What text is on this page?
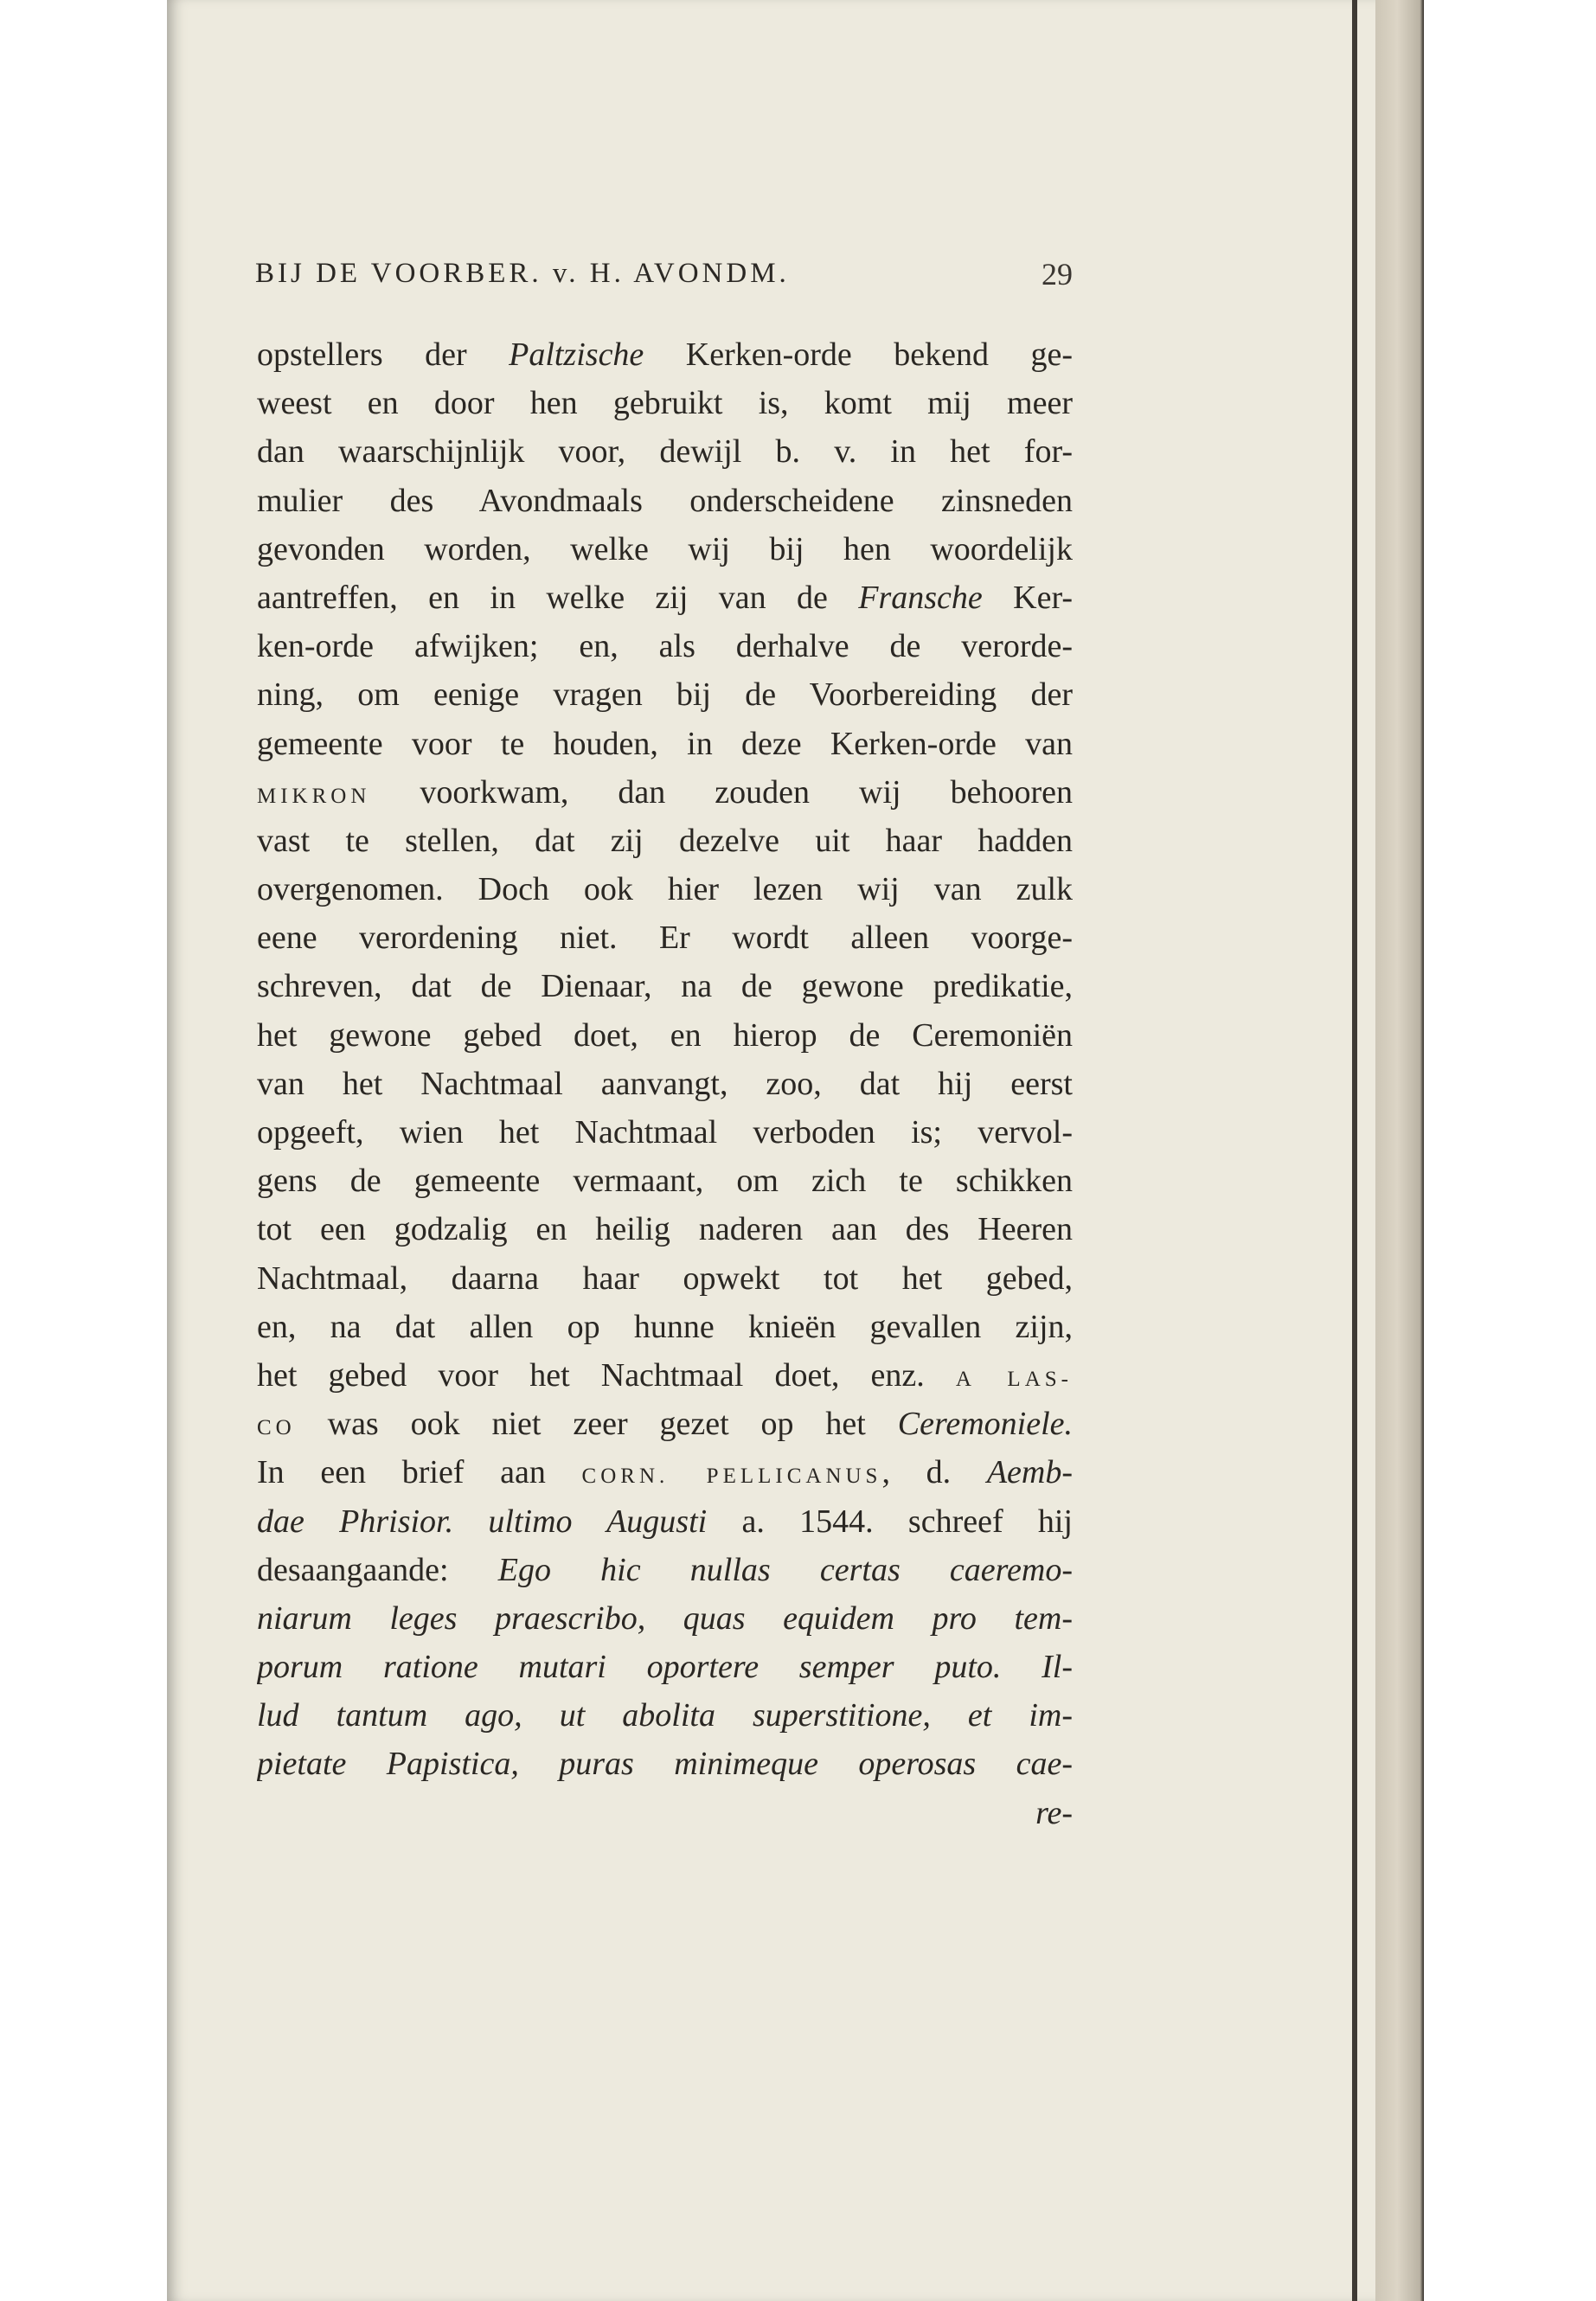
BIJ DE VOORBER. v. H. AVONDM.	29
opstellers der Paltzische Kerken-orde bekend ge-
weest en door hen gebruikt is, komt mij meer
dan waarschijnlijk voor, dewijl b. v. in het for-
mulier des Avondmaals onderscheidene zinsneden
gevonden worden, welke wij bij hen woordelijk
aantreffen, en in welke zij van de Fransche Ker-
ken-orde afwijken; en, als derhalve de verorde-
ning, om eenige vragen bij de Voorbereiding der
gemeente voor te houden, in deze Kerken-orde van
MIKRON voorkwam, dan zouden wij behooren
vast te stellen, dat zij dezelve uit haar hadden
overgenomen. Doch ook hier lezen wij van zulk
eene verordening niet. Er wordt alleen voorge-
schreven, dat de Dienaar, na de gewone predikatie,
het gewone gebed doet, en hierop de Ceremoniën
van het Nachtmaal aanvangt, zoo, dat hij eerst
opgeeft, wien het Nachtmaal verboden is; vervol-
gens de gemeente vermaant, om zich te schikken
tot een godzalig en heilig naderen aan des Heeren
Nachtmaal, daarna haar opwekt tot het gebed,
en, na dat allen op hunne knieën gevallen zijn,
het gebed voor het Nachtmaal doet, enz. A LAS-
CO was ook niet zeer gezet op het Ceremoniele.
In een brief aan CORN. PELLICANUS, d. Aemb-
dae Phrisior. ultimo Augusti a. 1544. schreef hij
desaangaande: Ego hic nullas certas caeremo-
niarum leges praescribo, quas equidem pro tem-
porum ratione mutari oportere semper puto. Il-
lud tantum ago, ut abolita superstitione, et im-
pietate Papistica, puras minimeque operosas cae-
re-
